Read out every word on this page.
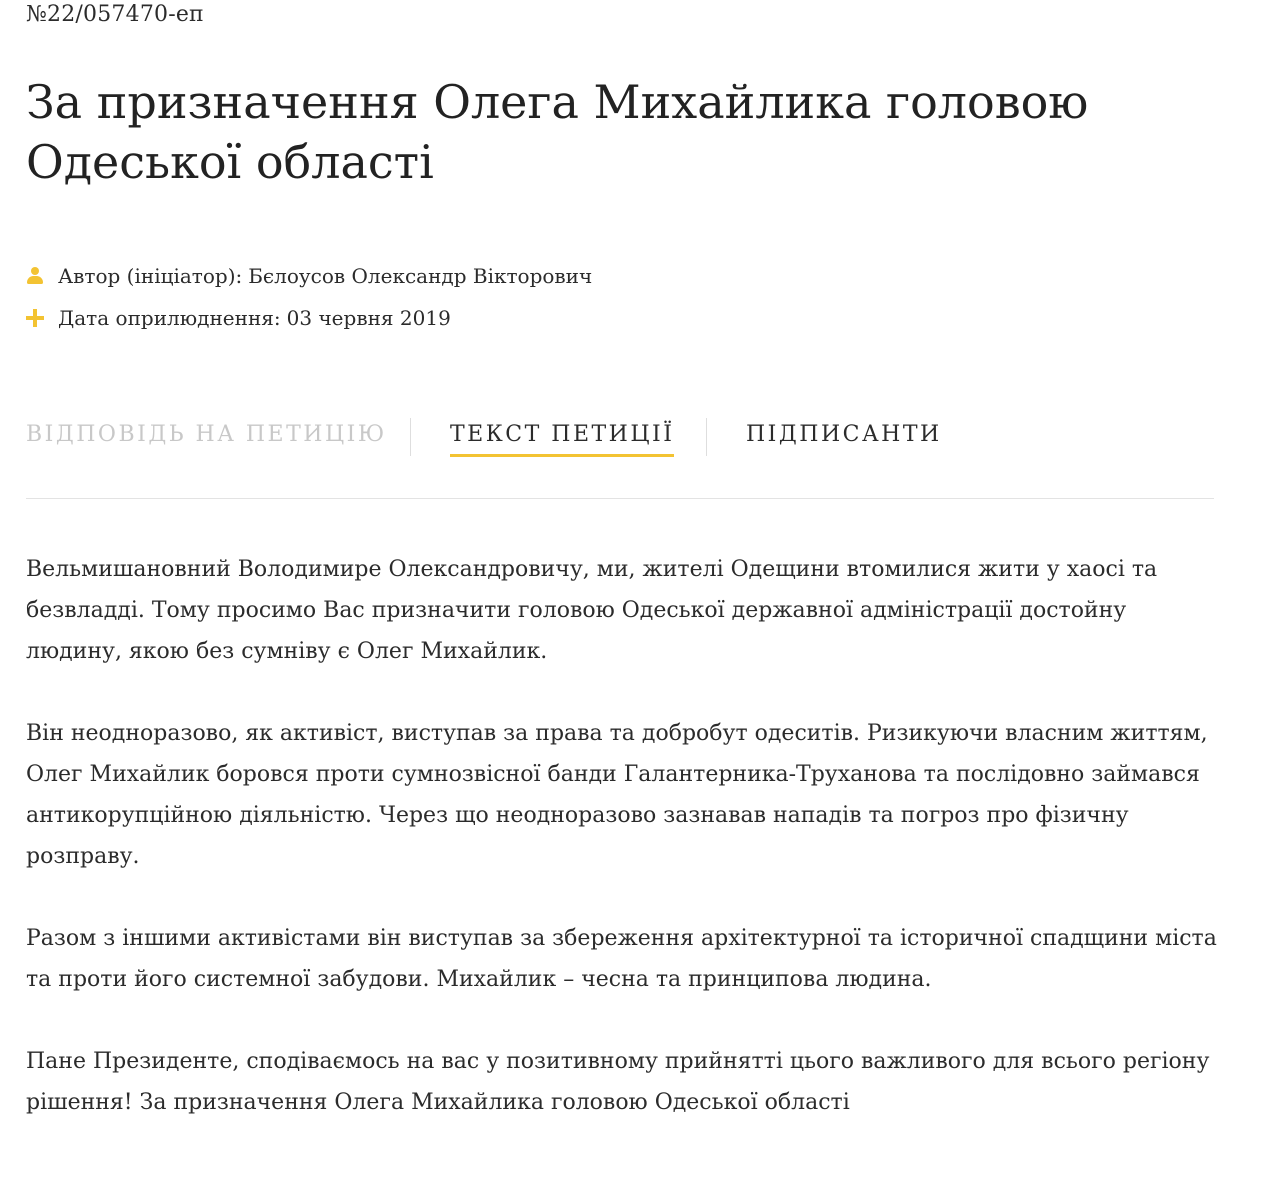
№22/057470-еп
За призначення Олега Михайлика головою Одеської області
Автор (ініціатор): Бєлоусов Олександр Вікторович
Дата оприлюднення: 03 червня 2019
ВІДПОВІДЬ НА ПЕТИЦІЮ	ТЕКСТ ПЕТИЦІЇ	ПІДПИСАНТИ

Вельмишановний Володимире Олександровичу, ми, жителі Одещини втомилися жити у хаосі та безвладді. Тому просимо Вас призначити головою Одеської державної адміністрації достойну людину, якою без сумніву є Олег Михайлик.

Він неодноразово, як активіст, виступав за права та добробут одеситів. Ризикуючи власним життям, Олег Михайлик боровся проти сумнозвісної банди Галантерника-Труханова та послідовно займався антикорупційною діяльністю. Через що неодноразово зазнавав нападів та погроз про фізичну розправу.

Разом з іншими активістами він виступав за збереження архітектурної та історичної спадщини міста та проти його системної забудови. Михайлик – чесна та принципова людина.

Пане Президенте, сподіваємось на вас у позитивному прийнятті цього важливого для всього регіону рішення! За призначення Олега Михайлика головою Одеської області
